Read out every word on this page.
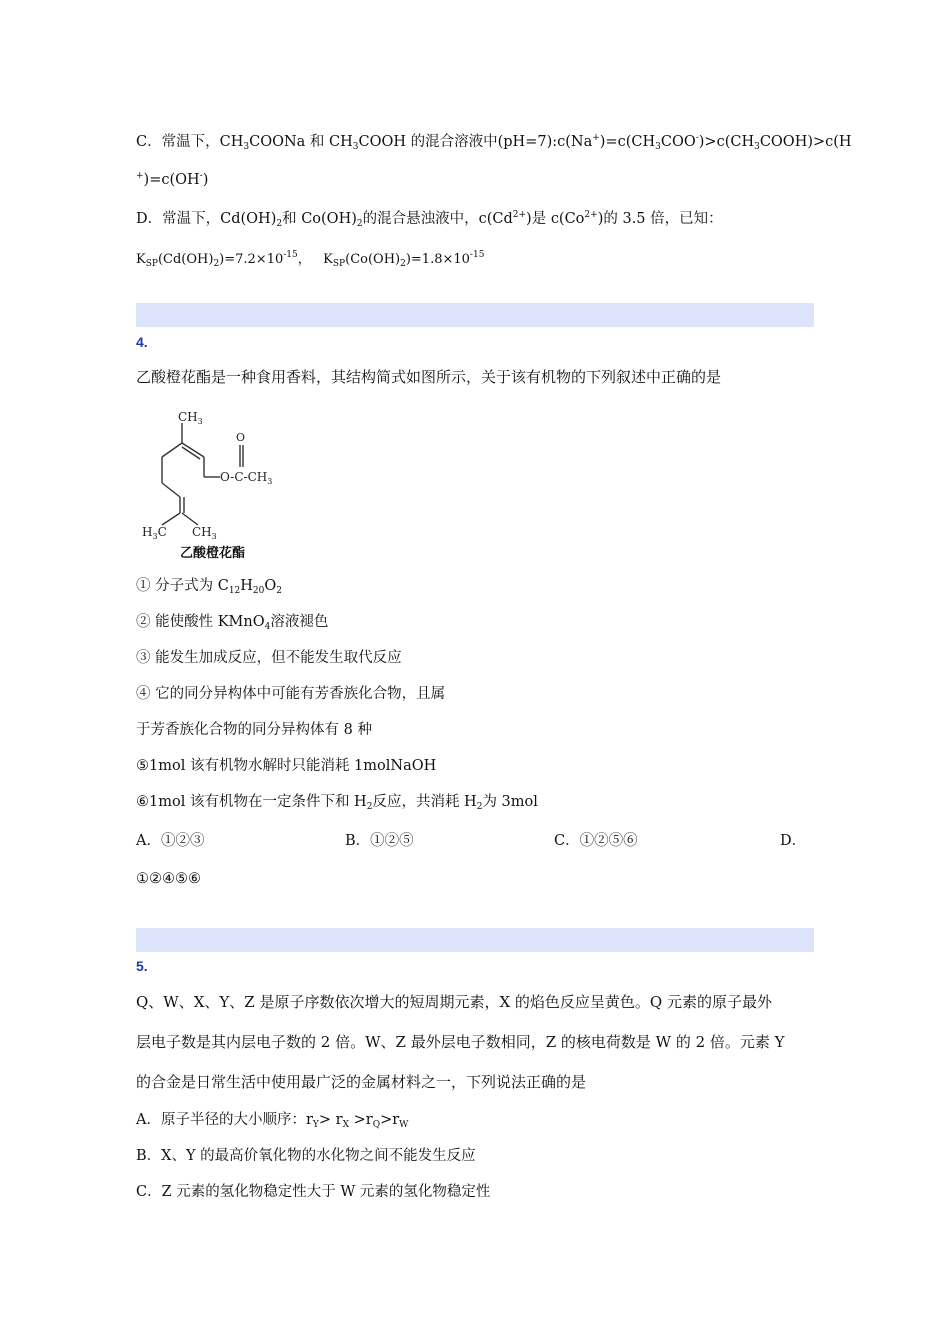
C．常温下，$CH_3COONa$ 和 $CH_3COOH$ 的混合溶液中$(pH=7):c(Na^+)=c(CH_3COO^-)>c(CH_3COOH)>c(H$
+)=c(OH-)
D．常温下，$Cd(OH)_2$和 $Co(OH)_2$的混合悬浊液中，$c(Cd^{2+})$是 $c(Co^{2+})$的 3.5 倍，已知：
$K_{SP}(Cd(OH)_2)=7.2\times 10^{-15}$， $K_{SP}(Co(OH)_2)=1.8\times 10^{-15}$
4.
乙酸橙花酯是一种食用香料，其结构简式如图所示，关于该有机物的下列叙述中正确的是
$CH_3$
O
$O-C-CH_3$
$H_3C$ $CH_3$
乙酸橙花酯
① 分子式为 $C_{12}H_{20}O_2$
② 能使酸性 KMnO$_4$溶液褪色
③ 能发生加成反应，但不能发生取代反应
④ 它的同分异构体中可能有芳香族化合物，且属
于芳香族化合物的同分异构体有 8 种
⑤1mol 该有机物水解时只能消耗 1molNaOH
⑥1mol 该有机物在一定条件下和 $H_2$反应，共消耗 $H_2$为 3mol
A．①②③	B．①②⑤	C．①②⑤⑥	D．
①②④⑤⑥
5.
Q、W、X、Y、Z 是原子序数依次增大的短周期元素，X 的焰色反应呈黄色。Q 元素的原子最外
层电子数是其内层电子数的 2 倍。W、Z 最外层电子数相同，Z 的核电荷数是 W 的 2 倍。元素 Y
的合金是日常生活中使用最广泛的金属材料之一，下列说法正确的是
A．原子半径的大小顺序：$r_Y> r_X >r_Q>r_W$
B．X、Y 的最高价氧化物的水化物之间不能发生反应
C．Z 元素的氢化物稳定性大于 W 元素的氢化物稳定性
